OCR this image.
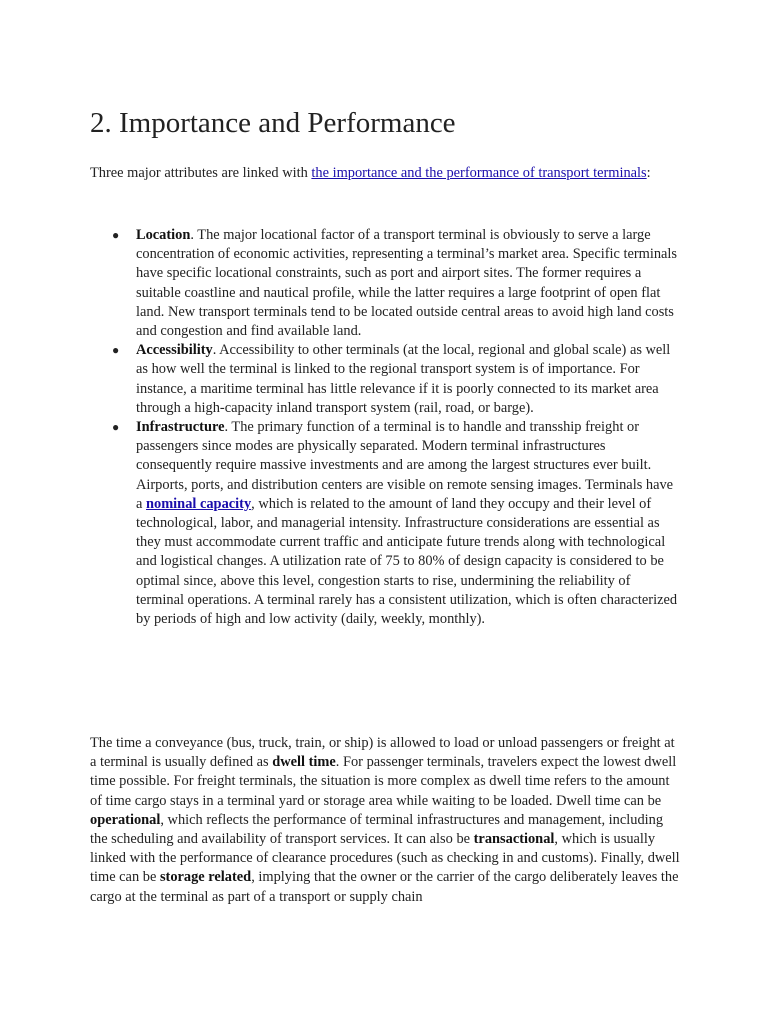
2. Importance and Performance

Three major attributes are linked with the importance and the performance of transport terminals:

● Location. The major locational factor of a transport terminal is obviously to serve a large concentration of economic activities, representing a terminal’s market area. Specific terminals have specific locational constraints, such as port and airport sites. The former requires a suitable coastline and nautical profile, while the latter requires a large footprint of open flat land. New transport terminals tend to be located outside central areas to avoid high land costs and congestion and find available land.
● Accessibility. Accessibility to other terminals (at the local, regional and global scale) as well as how well the terminal is linked to the regional transport system is of importance. For instance, a maritime terminal has little relevance if it is poorly connected to its market area through a high-capacity inland transport system (rail, road, or barge).
● Infrastructure. The primary function of a terminal is to handle and transship freight or passengers since modes are physically separated. Modern terminal infrastructures consequently require massive investments and are among the largest structures ever built. Airports, ports, and distribution centers are visible on remote sensing images. Terminals have a nominal capacity, which is related to the amount of land they occupy and their level of technological, labor, and managerial intensity. Infrastructure considerations are essential as they must accommodate current traffic and anticipate future trends along with technological and logistical changes. A utilization rate of 75 to 80% of design capacity is considered to be optimal since, above this level, congestion starts to rise, undermining the reliability of terminal operations. A terminal rarely has a consistent utilization, which is often characterized by periods of high and low activity (daily, weekly, monthly).

The time a conveyance (bus, truck, train, or ship) is allowed to load or unload passengers or freight at a terminal is usually defined as dwell time. For passenger terminals, travelers expect the lowest dwell time possible. For freight terminals, the situation is more complex as dwell time refers to the amount of time cargo stays in a terminal yard or storage area while waiting to be loaded. Dwell time can be operational, which reflects the performance of terminal infrastructures and management, including the scheduling and availability of transport services. It can also be transactional, which is usually linked with the performance of clearance procedures (such as checking in and customs). Finally, dwell time can be storage related, implying that the owner or the carrier of the cargo deliberately leaves the cargo at the terminal as part of a transport or supply chain
